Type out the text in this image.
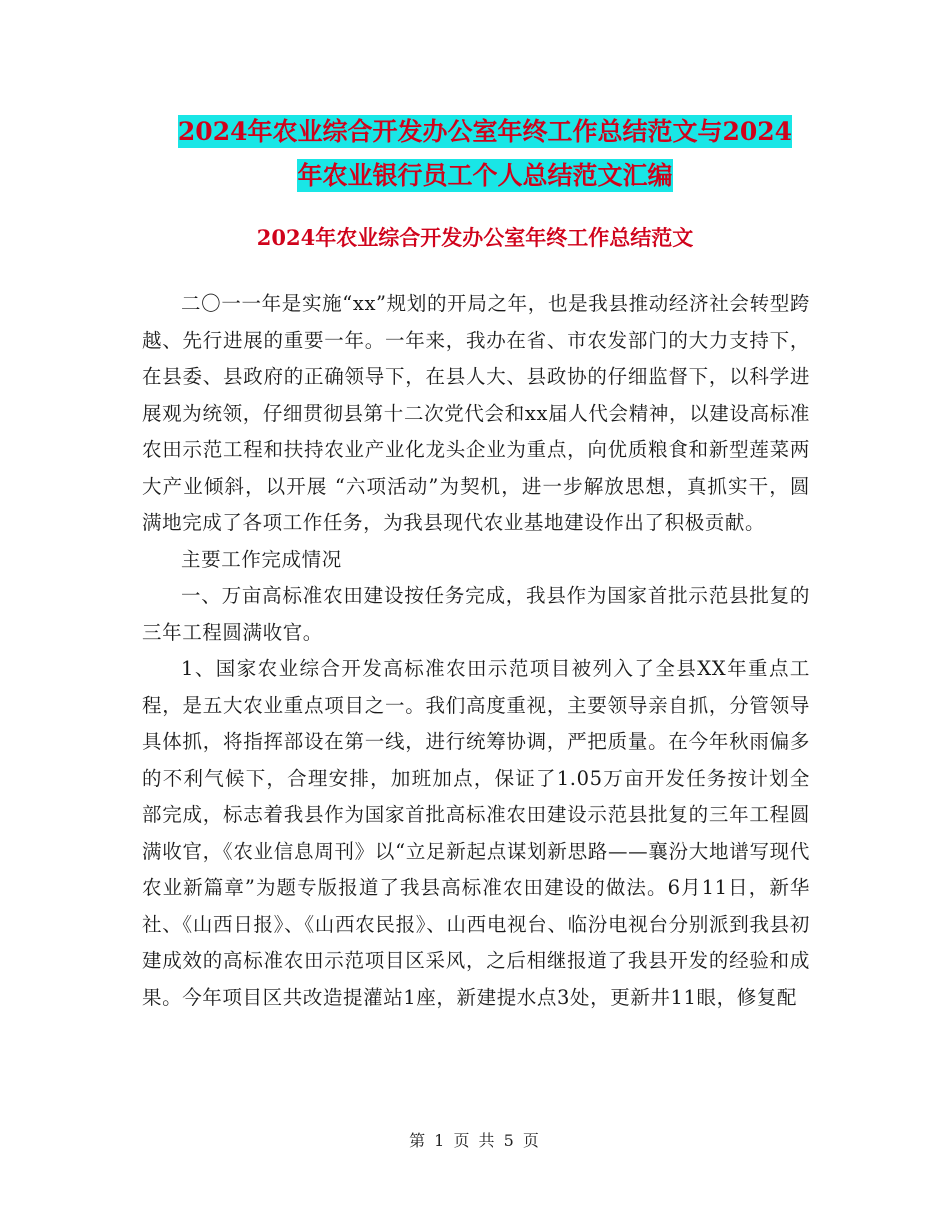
2024年农业综合开发办公室年终工作总结范文与2024
年农业银行员工个人总结范文汇编
2024年农业综合开发办公室年终工作总结范文

二〇一一年是实施“xx”规划的开局之年，也是我县推动经济社会转型跨越、先行进展的重要一年。一年来，我办在省、市农发部门的大力支持下，在县委、县政府的正确领导下，在县人大、县政协的仔细监督下，以科学进展观为统领，仔细贯彻县第十二次党代会和xx届人代会精神，以建设高标准农田示范工程和扶持农业产业化龙头企业为重点，向优质粮食和新型莲菜两大产业倾斜，以开展 “六项活动”为契机，进一步解放思想，真抓实干，圆满地完成了各项工作任务，为我县现代农业基地建设作出了积极贡献。

主要工作完成情况

一、万亩高标准农田建设按任务完成，我县作为国家首批示范县批复的三年工程圆满收官。

1、国家农业综合开发高标准农田示范项目被列入了全县XX年重点工程，是五大农业重点项目之一。我们高度重视，主要领导亲自抓，分管领导具体抓，将指挥部设在第一线，进行统筹协调，严把质量。在今年秋雨偏多的不利气候下，合理安排，加班加点，保证了1.05万亩开发任务按计划全部完成，标志着我县作为国家首批高标准农田建设示范县批复的三年工程圆满收官，《农业信息周刊》以“立足新起点谋划新思路——襄汾大地谱写现代农业新篇章”为题专版报道了我县高标准农田建设的做法。6月11日，新华社、《山西日报》、《山西农民报》、山西电视台、临汾电视台分别派到我县初建成效的高标准农田示范项目区采风，之后相继报道了我县开发的经验和成果。今年项目区共改造提灌站1座，新建提水点3处，更新井11眼，修复配

第 1 页 共 5 页
